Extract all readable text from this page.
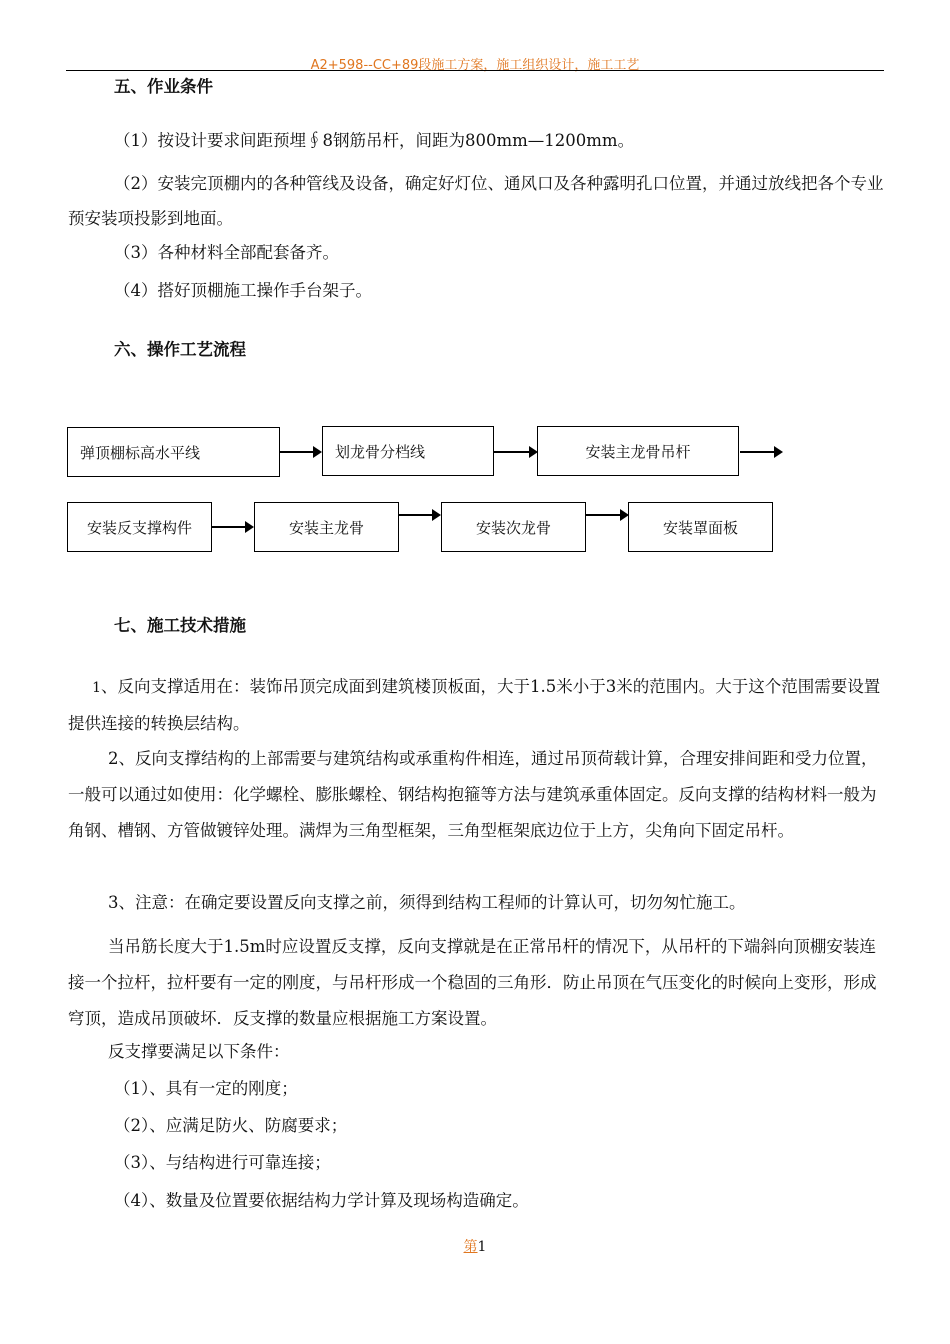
A2+598--CC+89段施工方案，施工组织设计，施工工艺
五、作业条件
（1）按设计要求间距预埋∮8钢筋吊杆，间距为800mm—1200mm。
（2）安装完顶棚内的各种管线及设备，确定好灯位、通风口及各种露明孔口位置，并通过放线把各个专业预安装项投影到地面。
（3）各种材料全部配套备齐。
（4）搭好顶棚施工操作手台架子。
六、操作工艺流程
弹顶棚标高水平线	划龙骨分档线	安装主龙骨吊杆
安装反支撑构件	安装主龙骨	安装次龙骨	安装罩面板
七、施工技术措施
1、反向支撑适用在：装饰吊顶完成面到建筑楼顶板面，大于1.5米小于3米的范围内。大于这个范围需要设置提供连接的转换层结构。
2、反向支撑结构的上部需要与建筑结构或承重构件相连，通过吊顶荷载计算，合理安排间距和受力位置，一般可以通过如使用：化学螺栓、膨胀螺栓、钢结构抱箍等方法与建筑承重体固定。反向支撑的结构材料一般为角钢、槽钢、方管做镀锌处理。满焊为三角型框架，三角型框架底边位于上方，尖角向下固定吊杆。
3、注意：在确定要设置反向支撑之前，须得到结构工程师的计算认可，切勿匆忙施工。
当吊筋长度大于1.5m时应设置反支撑，反向支撑就是在正常吊杆的情况下，从吊杆的下端斜向顶棚安装连接一个拉杆，拉杆要有一定的刚度，与吊杆形成一个稳固的三角形．防止吊顶在气压变化的时候向上变形，形成穹顶，造成吊顶破坏．反支撑的数量应根据施工方案设置。
反支撑要满足以下条件：
（1）、具有一定的刚度；
（2）、应满足防火、防腐要求；
（3）、与结构进行可靠连接；
（4）、数量及位置要依据结构力学计算及现场构造确定。
第1
